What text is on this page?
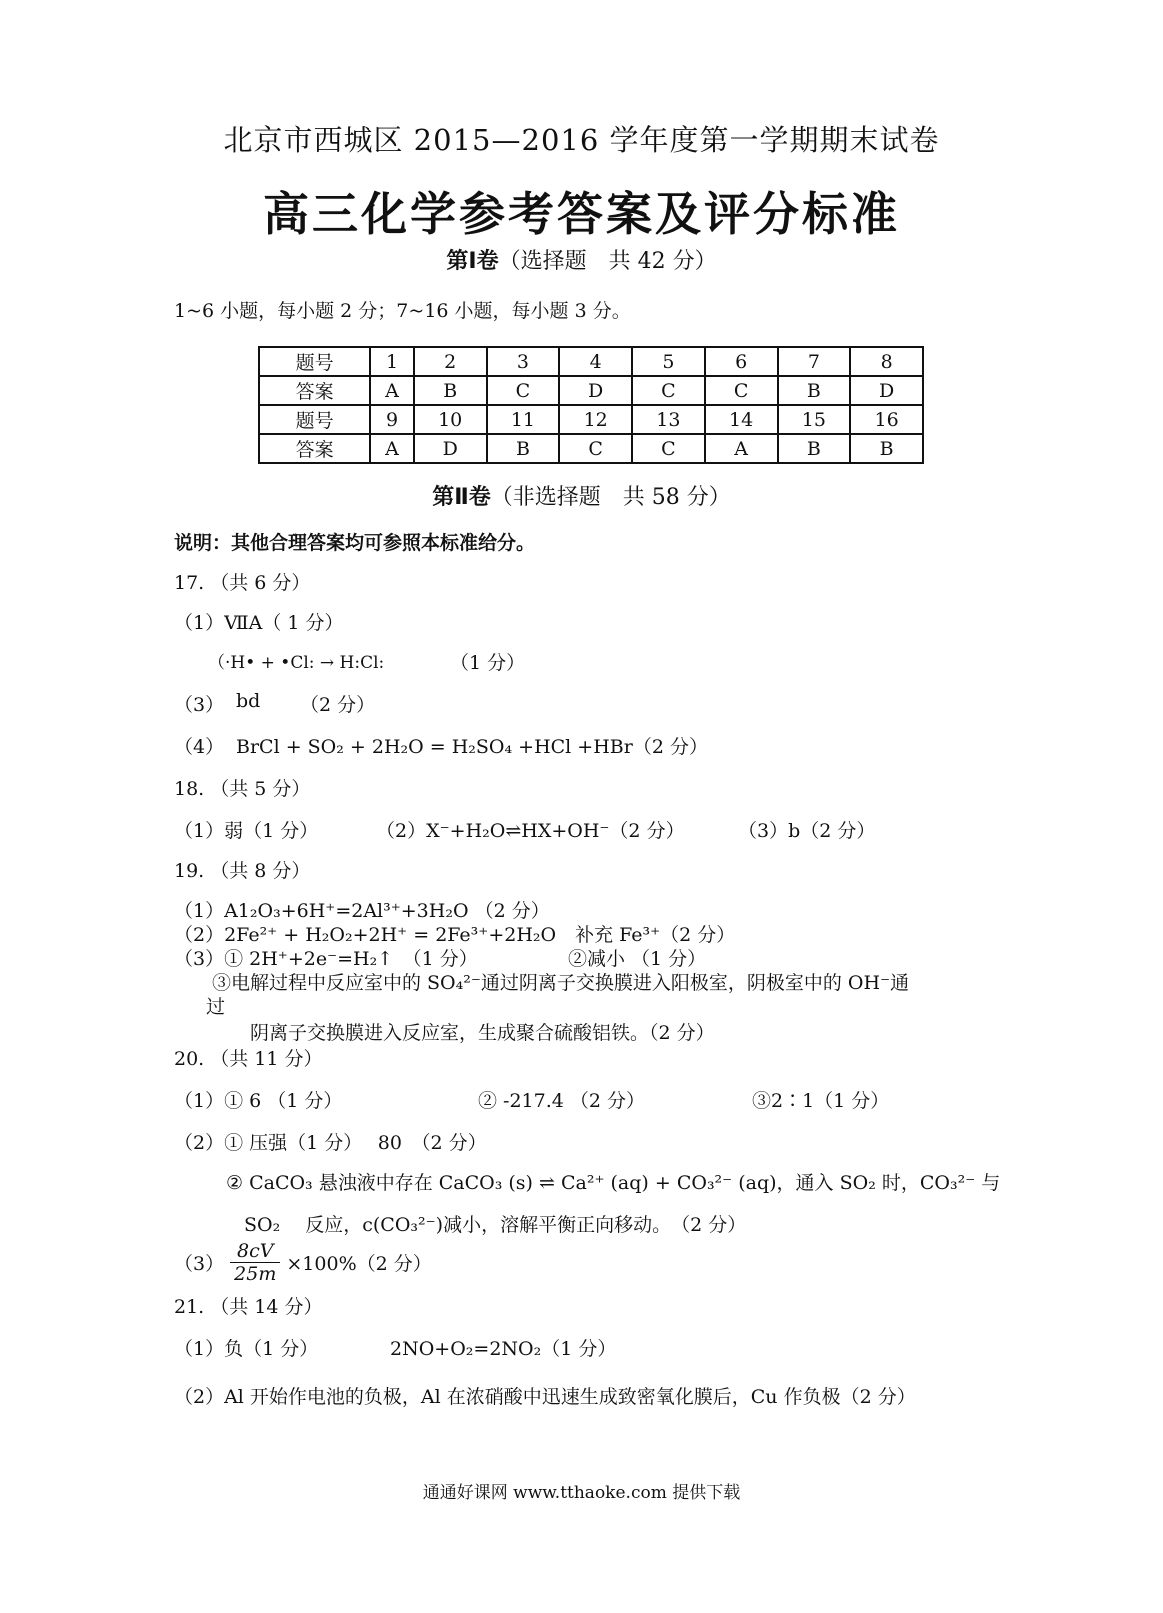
北京市西城区 2015—2016 学年度第一学期期末试卷
高三化学参考答案及评分标准
第Ⅰ卷（选择题　共 42 分）
1~6 小题，每小题 2 分；7~16 小题，每小题 3 分。
题号	1	2	3	4	5	6	7	8
答案	A	B	C	D	C	C	B	D
题号	9	10	11	12	13	14	15	16
答案	A	D	B	C	C	A	B	B
第Ⅱ卷（非选择题　共 58 分）
说明：其他合理答案均可参照本标准给分。
17. （共 6 分）
（1）ⅦA（ 1 分）
（·H• + •Cl: → H:Cl:	（1 分）
（3） bd （2 分）
（4） BrCl + SO₂ + 2H₂O = H₂SO₄ +HCl +HBr（2 分）
18. （共 5 分）
（1）弱（1 分）	（2）X⁻+H₂O⇌HX+OH⁻（2 分）	（3）b（2 分）
19. （共 8 分）
（1）A1₂O₃+6H⁺=2Al³⁺+3H₂O （2 分）
（2）2Fe²⁺ + H₂O₂+2H⁺ = 2Fe³⁺+2H₂O　补充 Fe³⁺（2 分）
（3）① 2H⁺+2e⁻=H₂↑　（1 分）	②减小 （1 分）
③电解过程中反应室中的 SO₄²⁻通过阴离子交换膜进入阳极室，阴极室中的 OH⁻通
过
阴离子交换膜进入反应室，生成聚合硫酸铝铁。（2 分）
20. （共 11 分）
（1）① 6 （1 分）	② -217.4 （2 分）	③2∶1（1 分）
（2）① 压强（1 分）　 80　（2 分）
② CaCO₃ 悬浊液中存在 CaCO₃ (s) ⇌ Ca²⁺ (aq) + CO₃²⁻ (aq)，通入 SO₂ 时，CO₃²⁻ 与
SO₂　 反应，c(CO₃²⁻)减小，溶解平衡正向移动。　（2 分）
$(3) \frac{8cV}{25m} \times 100\%(2$ 分）
21. （共 14 分）
（1）负（1 分）	2NO+O₂=2NO₂（1 分）
（2）Al 开始作电池的负极，Al 在浓硝酸中迅速生成致密氧化膜后，Cu 作负极（2 分）
通通好课网 www.tthaoke.com 提供下载
